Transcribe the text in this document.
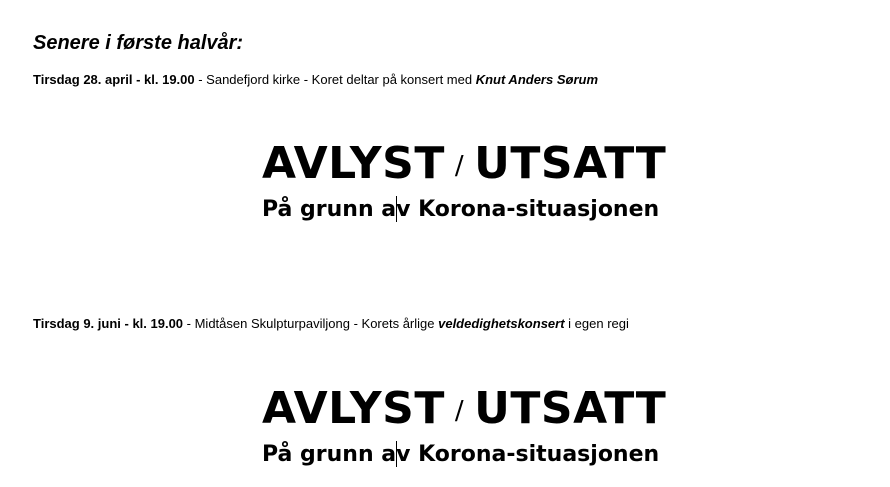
Senere i første halvår:
Tirsdag 28. april - kl. 19.00 - Sandefjord kirke - Koret deltar på konsert med Knut Anders Sørum
AVLYST / UTSATT
På grunn av Korona-situasjonen
Tirsdag 9. juni - kl. 19.00 - Midtåsen Skulpturpaviljong - Korets årlige veldedighetskonsert i egen regi
AVLYST / UTSATT
På grunn av Korona-situasjonen
